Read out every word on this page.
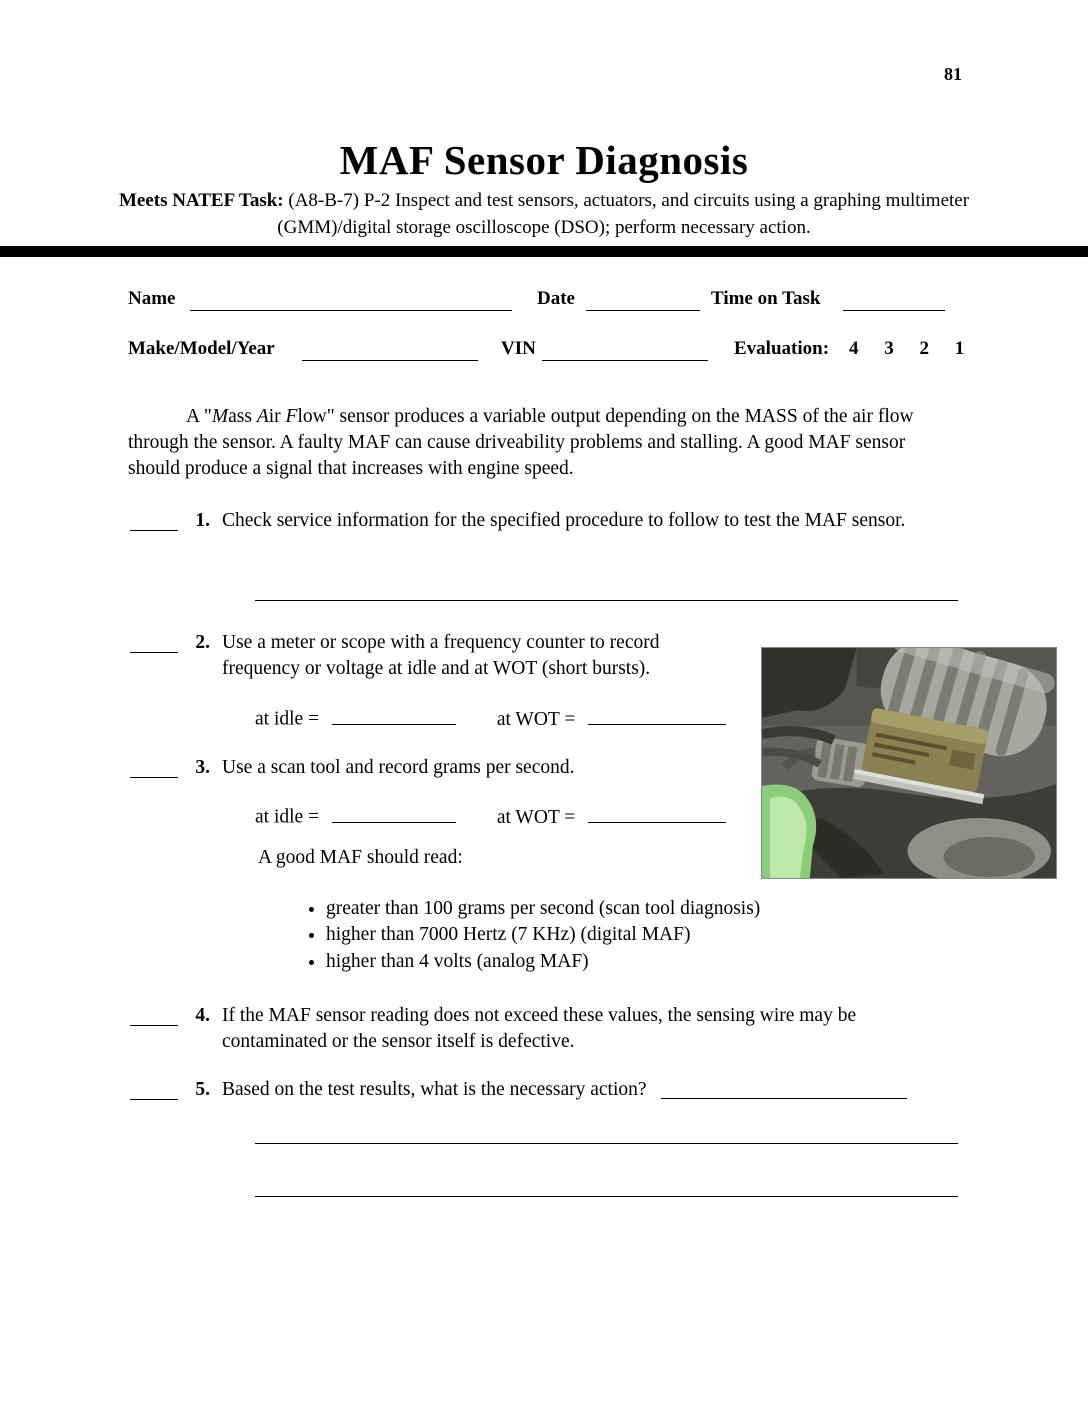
81
MAF Sensor Diagnosis

Meets NATEF Task: (A8-B-7) P-2 Inspect and test sensors, actuators, and circuits using a graphing multimeter (GMM)/digital storage oscilloscope (DSO); perform necessary action.

Name	Date	Time on Task
Make/Model/Year	VIN	Evaluation: 4 3 2 1

A "Mass Air Flow" sensor produces a variable output depending on the MASS of the air flow through the sensor. A faulty MAF can cause driveability problems and stalling. A good MAF sensor should produce a signal that increases with engine speed.

1. Check service information for the specified procedure to follow to test the MAF sensor.
2. Use a meter or scope with a frequency counter to record frequency or voltage at idle and at WOT (short bursts).
at idle =	at WOT =
3. Use a scan tool and record grams per second.
at idle =	at WOT =
A good MAF should read:
• greater than 100 grams per second (scan tool diagnosis)
• higher than 7000 Hertz (7 KHz) (digital MAF)
• higher than 4 volts (analog MAF)
4. If the MAF sensor reading does not exceed these values, the sensing wire may be contaminated or the sensor itself is defective.
5. Based on the test results, what is the necessary action?
